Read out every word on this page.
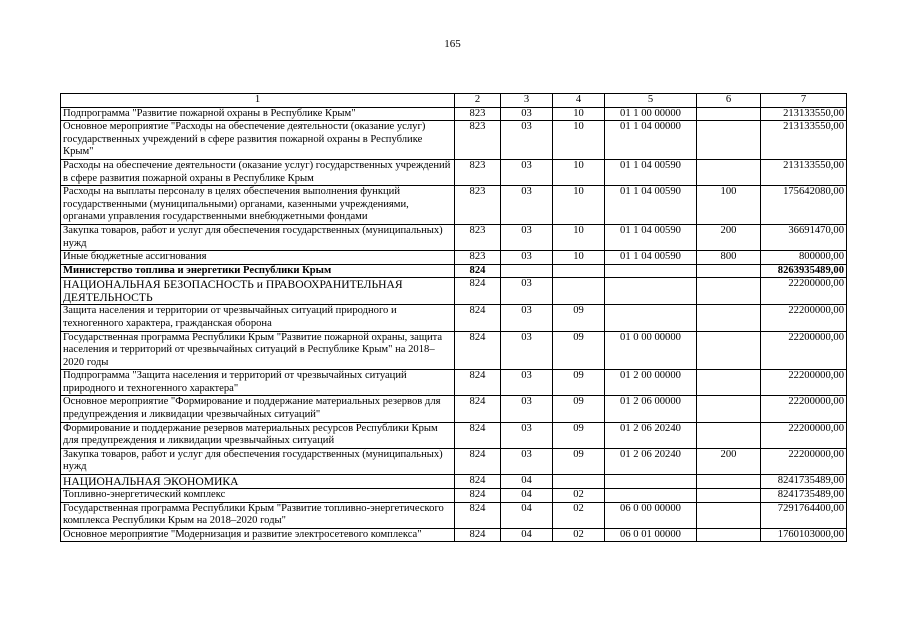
165
1	2	3	4	5	6	7
Подпрограмма "Развитие пожарной охраны в Республике Крым"	823	03	10	01 1 00 00000		213133550,00
Основное мероприятие "Расходы на обеспечение деятельности (оказание услуг) государственных учреждений в сфере развития пожарной охраны в Республике Крым"	823	03	10	01 1 04 00000		213133550,00
Расходы на обеспечение деятельности (оказание услуг) государственных учреждений в сфере развития пожарной охраны в Республике Крым	823	03	10	01 1 04 00590		213133550,00
Расходы на выплаты персоналу в целях обеспечения выполнения функций государственными (муниципальными) органами, казенными учреждениями, органами управления государственными внебюджетными фондами	823	03	10	01 1 04 00590	100	175642080,00
Закупка товаров, работ и услуг для обеспечения государственных (муниципальных) нужд	823	03	10	01 1 04 00590	200	36691470,00
Иные бюджетные ассигнования	823	03	10	01 1 04 00590	800	800000,00
Министерство топлива и энергетики Республики Крым	824					8263935489,00
НАЦИОНАЛЬНАЯ БЕЗОПАСНОСТЬ и ПРАВООХРАНИТЕЛЬНАЯ ДЕЯТЕЛЬНОСТЬ	824	03				22200000,00
Защита населения и территории от чрезвычайных ситуаций природного и техногенного характера, гражданская оборона	824	03	09			22200000,00
Государственная программа Республики Крым "Развитие пожарной охраны, защита населения и территорий от чрезвычайных ситуаций в Республике Крым" на 2018–2020 годы	824	03	09	01 0 00 00000		22200000,00
Подпрограмма "Защита населения и территорий от чрезвычайных ситуаций природного и техногенного характера"	824	03	09	01 2 00 00000		22200000,00
Основное мероприятие "Формирование и поддержание материальных резервов для предупреждения и ликвидации чрезвычайных ситуаций"	824	03	09	01 2 06 00000		22200000,00
Формирование и поддержание резервов материальных ресурсов Республики Крым для предупреждения и ликвидации чрезвычайных ситуаций	824	03	09	01 2 06 20240		22200000,00
Закупка товаров, работ и услуг для обеспечения государственных (муниципальных) нужд	824	03	09	01 2 06 20240	200	22200000,00
НАЦИОНАЛЬНАЯ ЭКОНОМИКА	824	04				8241735489,00
Топливно-энергетический комплекс	824	04	02			8241735489,00
Государственная программа Республики Крым "Развитие топливно-энергетического комплекса Республики Крым на 2018–2020 годы"	824	04	02	06 0 00 00000		7291764400,00
Основное мероприятие "Модернизация и развитие электросетевого комплекса"	824	04	02	06 0 01 00000		1760103000,00
